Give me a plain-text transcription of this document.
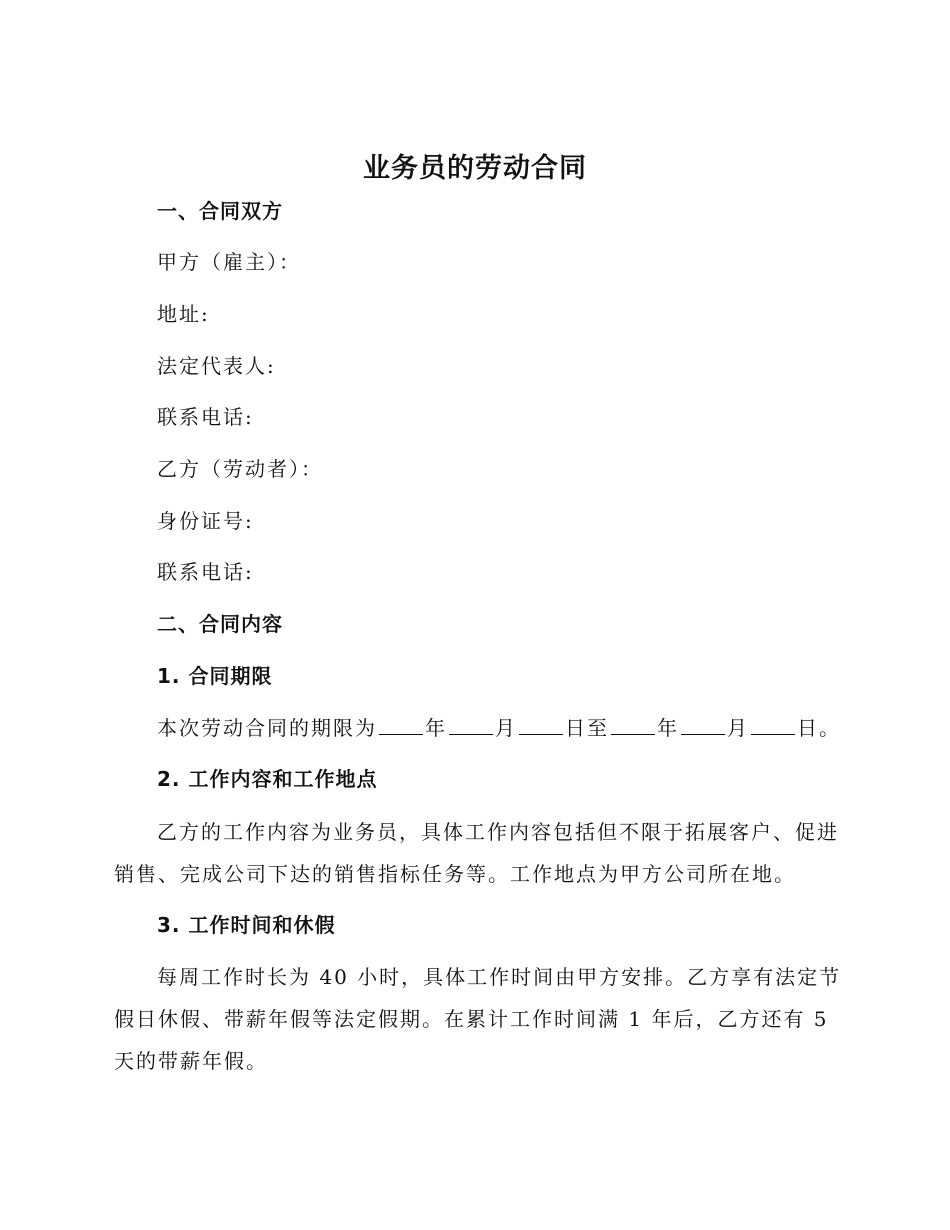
业务员的劳动合同
一、合同双方
甲方（雇主）：
地址:
法定代表人:
联系电话:
乙方（劳动者）：
身份证号:
联系电话:
二、合同内容
1. 合同期限
本次劳动合同的期限为 年 月 日至 年 月 日。
2. 工作内容和工作地点
乙方的工作内容为业务员，具体工作内容包括但不限于拓展客户、促进销售、完成公司下达的销售指标任务等。工作地点为甲方公司所在地。
3. 工作时间和休假
每周工作时长为 40 小时，具体工作时间由甲方安排。乙方享有法定节假日休假、带薪年假等法定假期。在累计工作时间满 1 年后，乙方还有 5 天的带薪年假。
